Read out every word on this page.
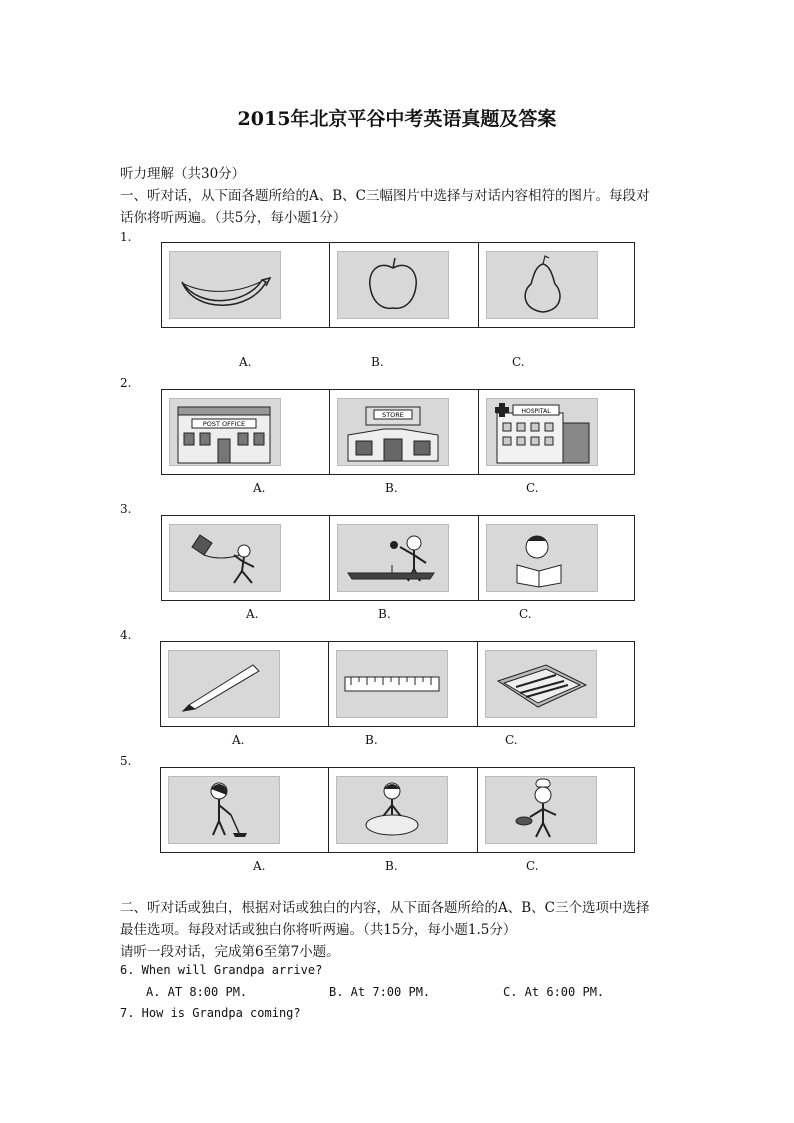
2015年北京平谷中考英语真题及答案
听力理解（共30分）
一、听对话，从下面各题所给的A、B、C三幅图片中选择与对话内容相符的图片。每段对
话你将听两遍。（共5分，每小题1分）
1.
A.	B.	C.
2.
POST OFFICE
STORE	HOSPITAL
A.	B.	C.
3.
A.	B.	C.
4.
A.	B.	C.
5.
A.	B.	C.
二、听对话或独白，根据对话或独白的内容，从下面各题所给的A、B、C三个选项中选择
最佳选项。每段对话或独白你将听两遍。（共15分，每小题1.5分）
请听一段对话，完成第6至第7小题。
6. When will Grandpa arrive?
A. AT 8:00 PM.	B. At 7:00 PM.	C. At 6:00 PM.
7. How is Grandpa coming?
